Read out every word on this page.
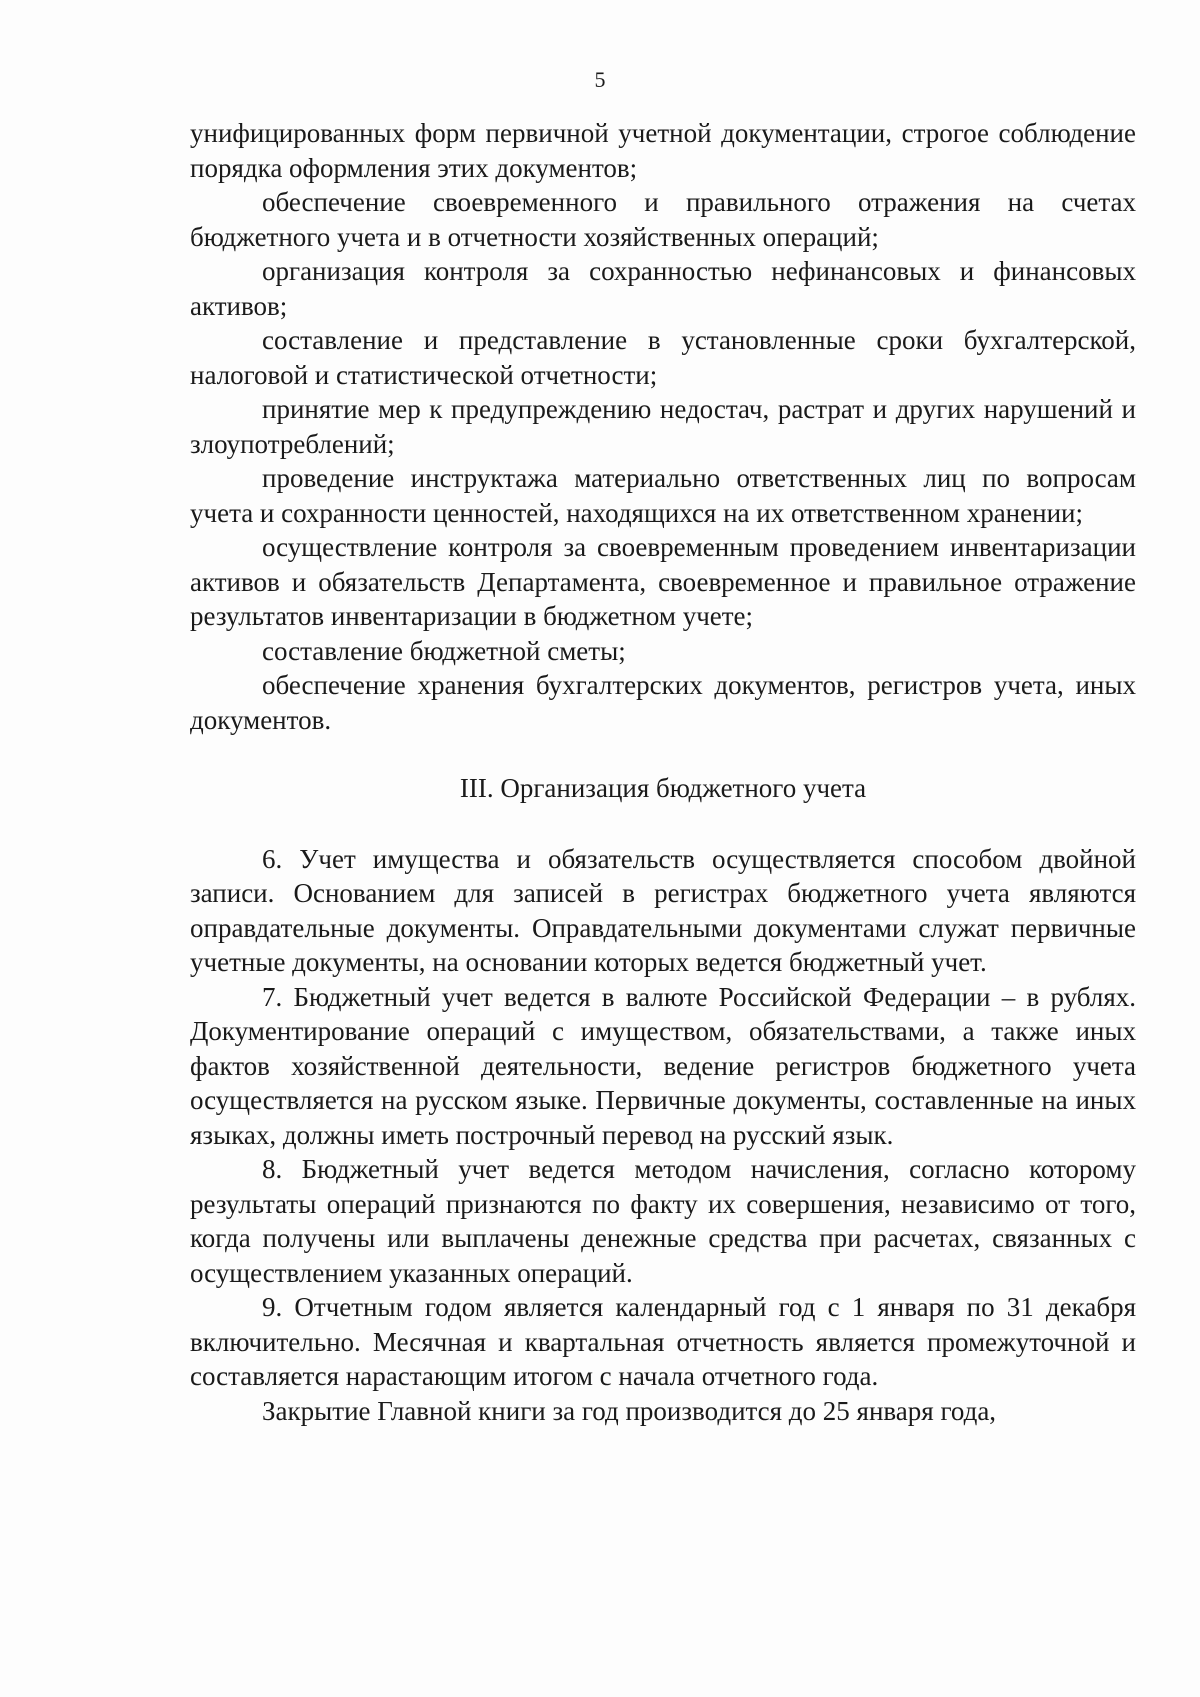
5

унифицированных форм первичной учетной документации, строгое соблюдение порядка оформления этих документов;

обеспечение своевременного и правильного отражения на счетах бюджетного учета и в отчетности хозяйственных операций;

организация контроля за сохранностью нефинансовых и финансовых активов;

составление и представление в установленные сроки бухгалтерской, налоговой и статистической отчетности;

принятие мер к предупреждению недостач, растрат и других нарушений и злоупотреблений;

проведение инструктажа материально ответственных лиц по вопросам учета и сохранности ценностей, находящихся на их ответственном хранении;

осуществление контроля за своевременным проведением инвентаризации активов и обязательств Департамента, своевременное и правильное отражение результатов инвентаризации в бюджетном учете;

составление бюджетной сметы;

обеспечение хранения бухгалтерских документов, регистров учета, иных документов.

III. Организация бюджетного учета

6. Учет имущества и обязательств осуществляется способом двойной записи. Основанием для записей в регистрах бюджетного учета являются оправдательные документы. Оправдательными документами служат первичные учетные документы, на основании которых ведется бюджетный учет.

7. Бюджетный учет ведется в валюте Российской Федерации – в рублях. Документирование операций с имуществом, обязательствами, а также иных фактов хозяйственной деятельности, ведение регистров бюджетного учета осуществляется на русском языке. Первичные документы, составленные на иных языках, должны иметь построчный перевод на русский язык.

8. Бюджетный учет ведется методом начисления, согласно которому результаты операций признаются по факту их совершения, независимо от того, когда получены или выплачены денежные средства при расчетах, связанных с осуществлением указанных операций.

9. Отчетным годом является календарный год с 1 января по 31 декабря включительно. Месячная и квартальная отчетность является промежуточной и составляется нарастающим итогом с начала отчетного года.

Закрытие Главной книги за год производится до 25 января года,
